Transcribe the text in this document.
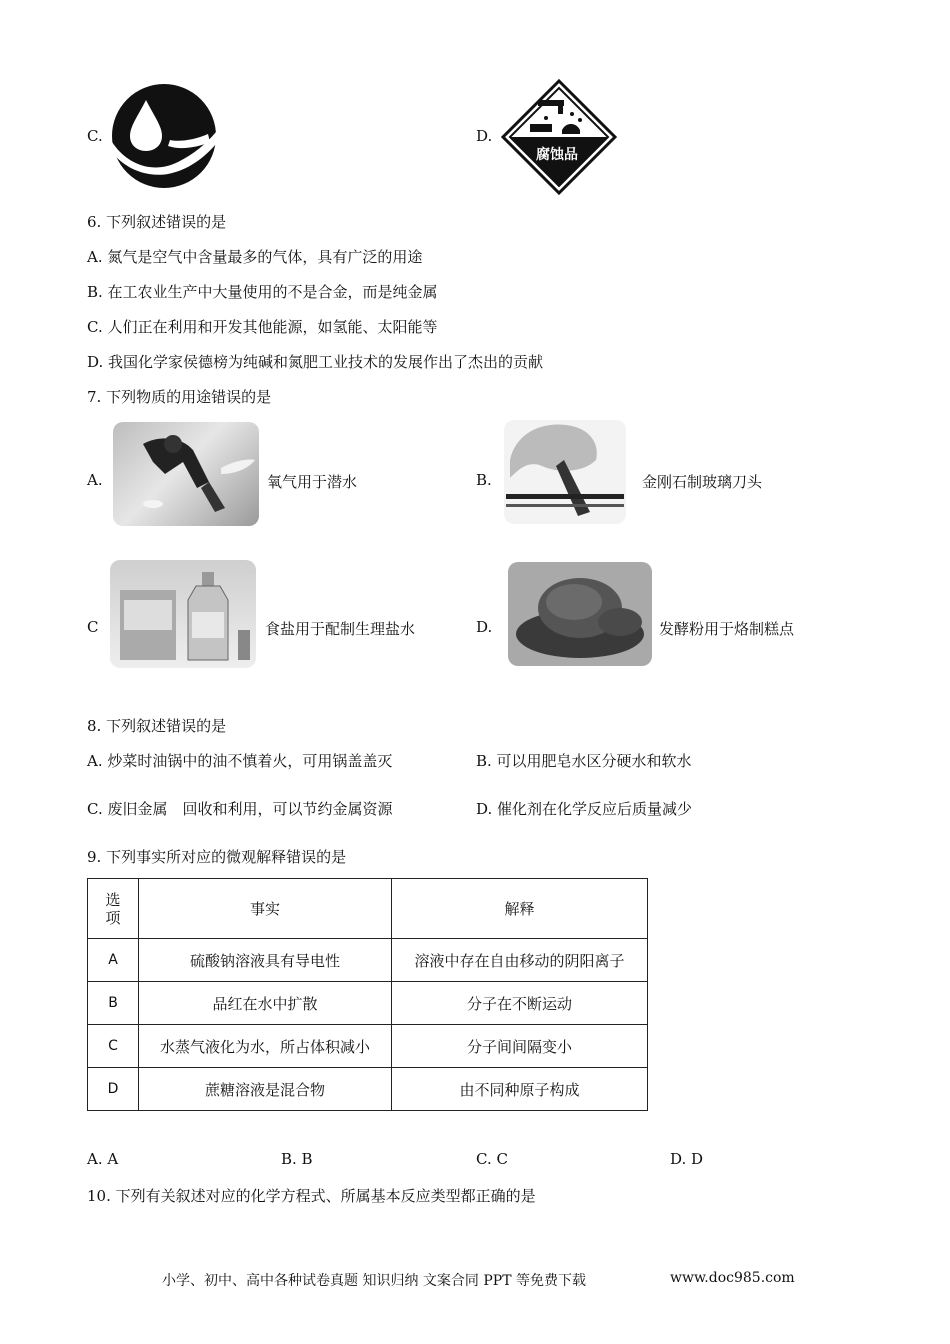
C.	D.
腐蚀品
6. 下列叙述错误的是
A. 氮气是空气中含量最多的气体，具有广泛的用途
B. 在工农业生产中大量使用的不是合金，而是纯金属
C. 人们正在利用和开发其他能源，如氢能、太阳能等
D. 我国化学家侯德榜为纯碱和氮肥工业技术的发展作出了杰出的贡献
7. 下列物质的用途错误的是
A.	氧气用于潜水	B.	金刚石制玻璃刀头
C	食盐用于配制生理盐水	D.	发酵粉用于烙制糕点
8. 下列叙述错误的是
A. 炒菜时油锅中的油不慎着火，可用锅盖盖灭	B. 可以用肥皂水区分硬水和软水
C. 废旧金属　回收和利用，可以节约金属资源	D. 催化剂在化学反应后质量减少
9. 下列事实所对应的微观解释错误的是
选
项	事实	解释
A	硫酸钠溶液具有导电性	溶液中存在自由移动的阴阳离子
B	品红在水中扩散	分子在不断运动
C	水蒸气液化为水，所占体积减小	分子间间隔变小
D	蔗糖溶液是混合物	由不同种原子构成
A. A	B. B	C. C	D. D
10. 下列有关叙述对应的化学方程式、所属基本反应类型都正确的是
小学、初中、高中各种试卷真题 知识归纳 文案合同 PPT 等免费下载	www.doc985.com
